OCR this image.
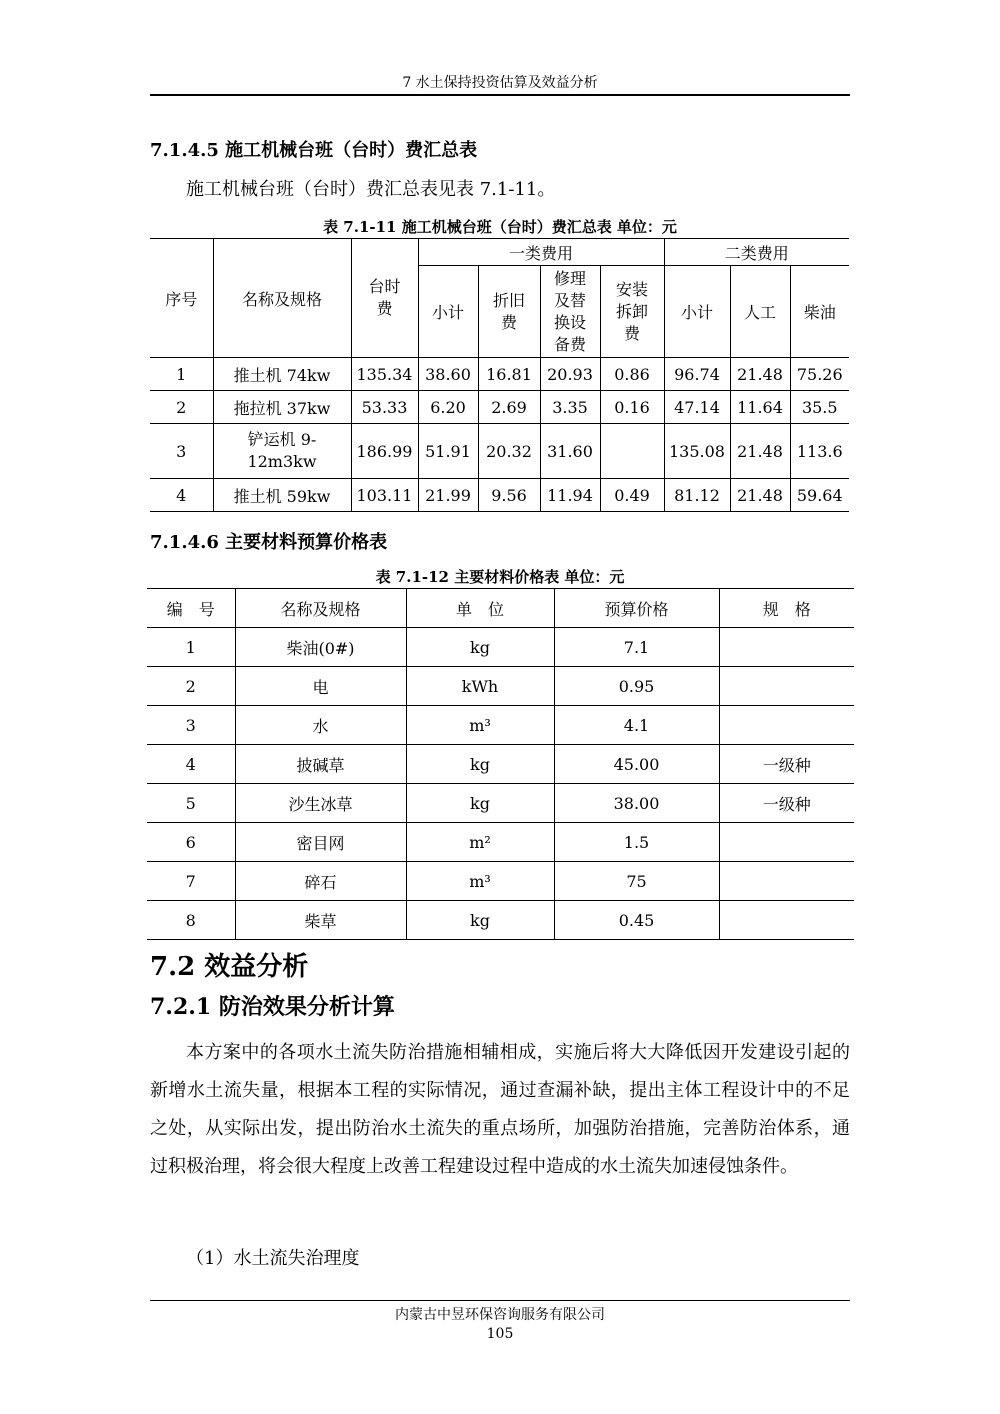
7 水土保持投资估算及效益分析
7.1.4.5 施工机械台班（台时）费汇总表
施工机械台班（台时）费汇总表见表 7.1-11。
表 7.1-11 施工机械台班（台时）费汇总表 单位：元
序号	名称及规格	台时费	一类费用				二类费用		
			小计	折旧费	修理及替换设备费	安装拆卸费	小计	人工	柴油
1	推土机 74kw	135.34	38.60	16.81	20.93	0.86	96.74	21.48	75.26
2	拖拉机 37kw	53.33	6.20	2.69	3.35	0.16	47.14	11.64	35.5
3	铲运机 9-12m3kw	186.99	51.91	20.32	31.60		135.08	21.48	113.6
4	推土机 59kw	103.11	21.99	9.56	11.94	0.49	81.12	21.48	59.64
7.1.4.6 主要材料预算价格表
表 7.1-12 主要材料价格表 单位：元
编　号	名称及规格	单　位	预算价格	规　格
1	柴油(0#)	kg	7.1	
2	电	kWh	0.95	
3	水	m³	4.1	
4	披碱草	kg	45.00	一级种
5	沙生冰草	kg	38.00	一级种
6	密目网	m²	1.5	
7	碎石	m³	75	
8	柴草	kg	0.45	
7.2 效益分析
7.2.1 防治效果分析计算
本方案中的各项水土流失防治措施相辅相成，实施后将大大降低因开发建设引起的新增水土流失量，根据本工程的实际情况，通过查漏补缺，提出主体工程设计中的不足之处，从实际出发，提出防治水土流失的重点场所，加强防治措施，完善防治体系，通过积极治理，将会很大程度上改善工程建设过程中造成的水土流失加速侵蚀条件。
（1）水土流失治理度
内蒙古中昱环保咨询服务有限公司
105
